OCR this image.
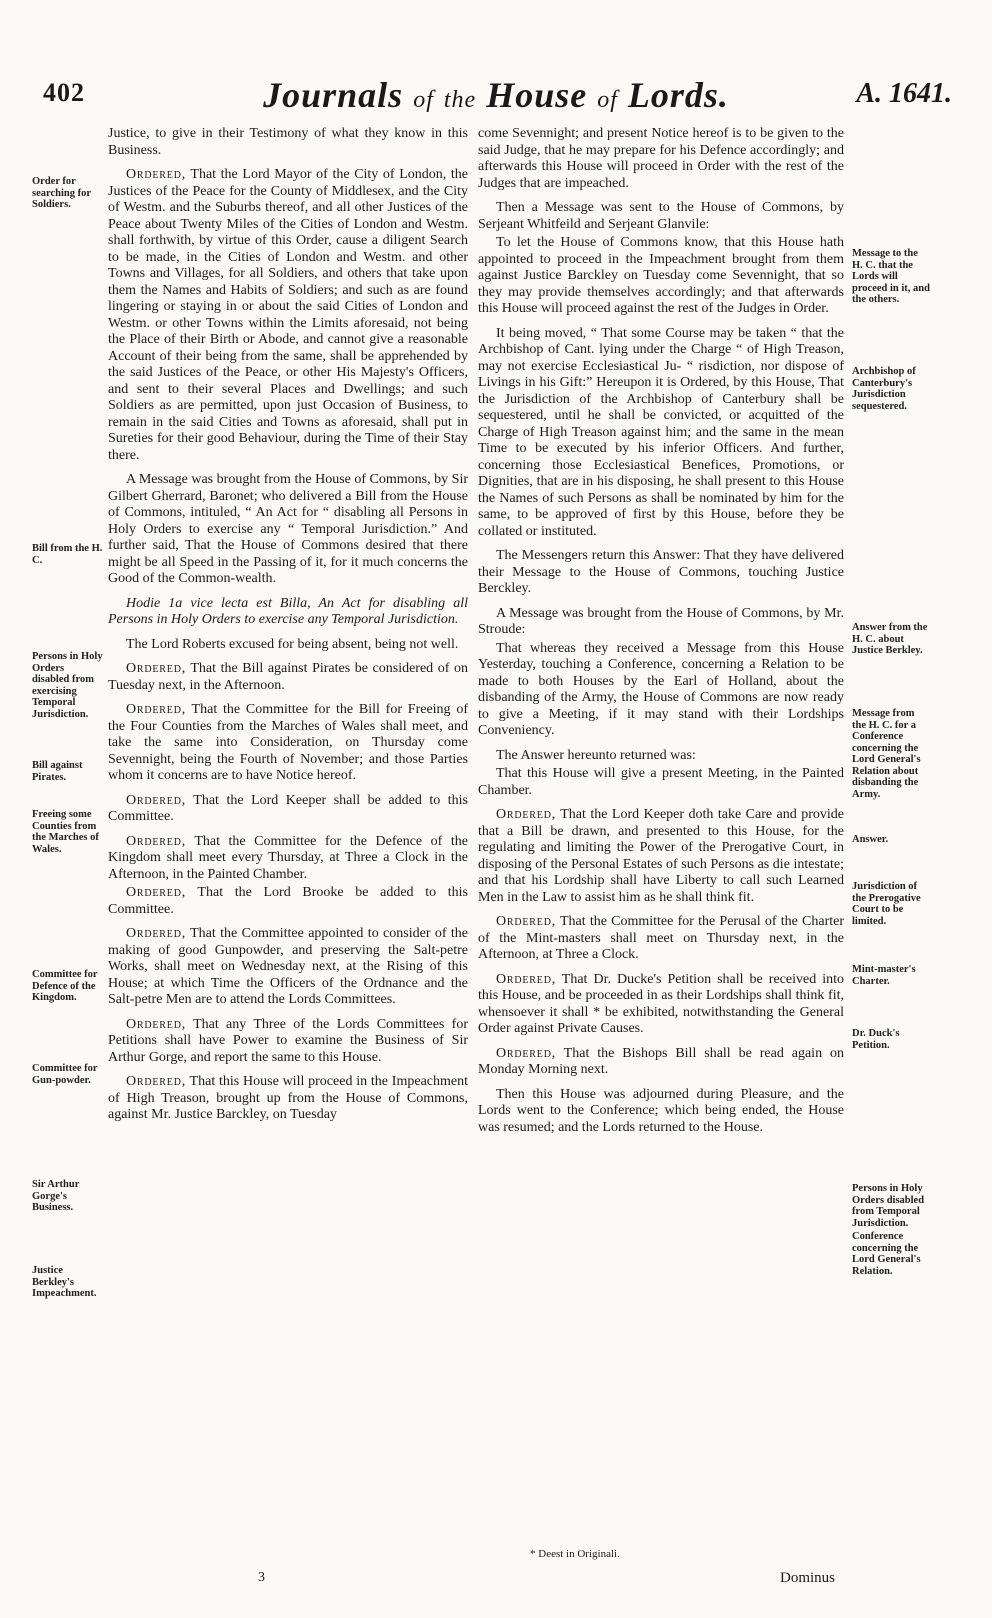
402	Journals of the House of Lords.	A. 1641.
Order for searching for Soldiers.
Bill from the H. C.
Persons in Holy Orders disabled from exercising Temporal Jurisdiction.
Bill against Pirates.
Freeing some Counties from the Marches of Wales.
Committee for Defence of the Kingdom.
Committee for Gun-powder.
Sir Arthur Gorge's Business.
Justice Berkley's Impeachment.
Message to the H. C. that the Lords will proceed in it, and the others.
Archbishop of Canterbury's Jurisdiction sequestered.
Answer from the H. C. about Justice Berkley.
Message from the H. C. for a Conference concerning the Lord General's Relation about disbanding the Army.
Answer.
Jurisdiction of the Prerogative Court to be limited.
Mint-master's Charter.
Dr. Duck's Petition.
Persons in Holy Orders disabled from Temporal Jurisdiction.
Conference concerning the Lord General's Relation.

Justice, to give in their Testimony of what they know in this Business.

Ordered, That the Lord Mayor of the City of London, the Justices of the Peace for the County of Middlesex, and the City of Westm. and the Suburbs thereof, and all other Justices of the Peace about Twenty Miles of the Cities of London and Westm. shall forthwith, by virtue of this Order, cause a diligent Search to be made, in the Cities of London and Westm. and other Towns and Villages, for all Soldiers, and others that take upon them the Names and Habits of Soldiers; and such as are found lingering or staying in or about the said Cities of London and Westm. or other Towns within the Limits aforesaid, not being the Place of their Birth or Abode, and cannot give a reasonable Account of their being from the same, shall be apprehended by the said Justices of the Peace, or other His Majesty's Officers, and sent to their several Places and Dwellings; and such Soldiers as are permitted, upon just Occasion of Business, to remain in the said Cities and Towns as aforesaid, shall put in Sureties for their good Behaviour, during the Time of their Stay there.

A Message was brought from the House of Commons, by Sir Gilbert Gherrard, Baronet; who delivered a Bill from the House of Commons, intituled, “ An Act for “ disabling all Persons in Holy Orders to exercise any “ Temporal Jurisdiction.” And further said, That the House of Commons desired that there might be all Speed in the Passing of it, for it much concerns the Good of the Common-wealth.

Hodie 1a vice lecta est Billa, An Act for disabling all Persons in Holy Orders to exercise any Temporal Jurisdiction.

The Lord Roberts excused for being absent, being not well.

Ordered, That the Bill against Pirates be considered of on Tuesday next, in the Afternoon.

Ordered, That the Committee for the Bill for Freeing of the Four Counties from the Marches of Wales shall meet, and take the same into Consideration, on Thursday come Sevennight, being the Fourth of November; and those Parties whom it concerns are to have Notice hereof.

Ordered, That the Lord Keeper shall be added to this Committee.

Ordered, That the Committee for the Defence of the Kingdom shall meet every Thursday, at Three a Clock in the Afternoon, in the Painted Chamber.

Ordered, That the Lord Brooke be added to this Committee.

Ordered, That the Committee appointed to consider of the making of good Gunpowder, and preserving the Salt-petre Works, shall meet on Wednesday next, at the Rising of this House; at which Time the Officers of the Ordnance and the Salt-petre Men are to attend the Lords Committees.

Ordered, That any Three of the Lords Committees for Petitions shall have Power to examine the Business of Sir Arthur Gorge, and report the same to this House.

Ordered, That this House will proceed in the Impeachment of High Treason, brought up from the House of Commons, against Mr. Justice Barckley, on Tuesday

come Sevennight; and present Notice hereof is to be given to the said Judge, that he may prepare for his Defence accordingly; and afterwards this House will proceed in Order with the rest of the Judges that are impeached.

Then a Message was sent to the House of Commons, by Serjeant Whitfeild and Serjeant Glanvile:

To let the House of Commons know, that this House hath appointed to proceed in the Impeachment brought from them against Justice Barckley on Tuesday come Sevennight, that so they may provide themselves accordingly; and that afterwards this House will proceed against the rest of the Judges in Order.

It being moved, “ That some Course may be taken “ that the Archbishop of Cant. lying under the Charge “ of High Treason, may not exercise Ecclesiastical Ju- “ risdiction, nor dispose of Livings in his Gift:” Hereupon it is Ordered, by this House, That the Jurisdiction of the Archbishop of Canterbury shall be sequestered, until he shall be convicted, or acquitted of the Charge of High Treason against him; and the same in the mean Time to be executed by his inferior Officers. And further, concerning those Ecclesiastical Benefices, Promotions, or Dignities, that are in his disposing, he shall present to this House the Names of such Persons as shall be nominated by him for the same, to be approved of first by this House, before they be collated or instituted.

The Messengers return this Answer: That they have delivered their Message to the House of Commons, touching Justice Berckley.

A Message was brought from the House of Commons, by Mr. Stroude:

That whereas they received a Message from this House Yesterday, touching a Conference, concerning a Relation to be made to both Houses by the Earl of Holland, about the disbanding of the Army, the House of Commons are now ready to give a Meeting, if it may stand with their Lordships Conveniency.

The Answer hereunto returned was:

That this House will give a present Meeting, in the Painted Chamber.

Ordered, That the Lord Keeper doth take Care and provide that a Bill be drawn, and presented to this House, for the regulating and limiting the Power of the Prerogative Court, in disposing of the Personal Estates of such Persons as die intestate; and that his Lordship shall have Liberty to call such Learned Men in the Law to assist him as he shall think fit.

Ordered, That the Committee for the Perusal of the Charter of the Mint-masters shall meet on Thursday next, in the Afternoon, at Three a Clock.

Ordered, That Dr. Ducke's Petition shall be received into this House, and be proceeded in as their Lordships shall think fit, whensoever it shall * be exhibited, notwithstanding the General Order against Private Causes.

Ordered, That the Bishops Bill shall be read again on Monday Morning next.

Then this House was adjourned during Pleasure, and the Lords went to the Conference; which being ended, the House was resumed; and the Lords returned to the House.

* Deest in Originali.
3	Dominus
